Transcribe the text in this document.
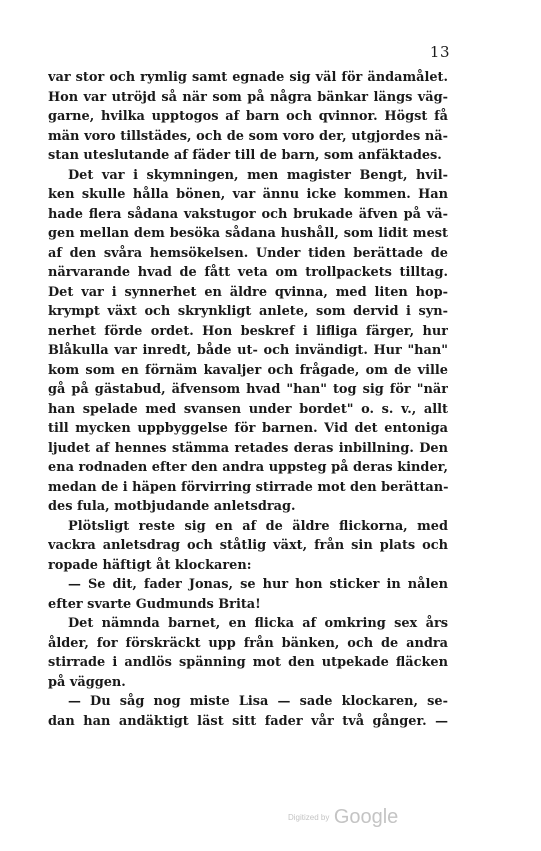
13
var stor och rymlig samt egnade sig väl för ändamålet.
Hon var utröjd så när som på några bänkar längs väg-
garne, hvilka upptogos af barn och qvinnor. Högst få
män voro tillstädes, och de som voro der, utgjordes nä-
stan uteslutande af fäder till de barn, som anfäktades.
Det var i skymningen, men magister Bengt, hvil-
ken skulle hålla bönen, var ännu icke kommen. Han
hade flera sådana vakstugor och brukade äfven på vä-
gen mellan dem besöka sådana hushåll, som lidit mest
af den svåra hemsökelsen. Under tiden berättade de
närvarande hvad de fått veta om trollpackets tilltag.
Det var i synnerhet en äldre qvinna, med liten hop-
krympt växt och skrynkligt anlete, som dervid i syn-
nerhet förde ordet. Hon beskref i lifliga färger, hur
Blåkulla var inredt, både ut- och invändigt. Hur "han"
kom som en förnäm kavaljer och frågade, om de ville
gå på gästabud, äfvensom hvad "han" tog sig för "när
han spelade med svansen under bordet" o. s. v., allt
till mycken uppbyggelse för barnen. Vid det entoniga
ljudet af hennes stämma retades deras inbillning. Den
ena rodnaden efter den andra uppsteg på deras kinder,
medan de i häpen förvirring stirrade mot den berättan-
des fula, motbjudande anletsdrag.
Plötsligt reste sig en af de äldre flickorna, med
vackra anletsdrag och ståtlig växt, från sin plats och
ropade häftigt åt klockaren:
— Se dit, fader Jonas, se hur hon sticker in nålen
efter svarte Gudmunds Brita!
Det nämnda barnet, en flicka af omkring sex års
ålder, for förskräckt upp från bänken, och de andra
stirrade i andlös spänning mot den utpekade fläcken
på väggen.
— Du såg nog miste Lisa — sade klockaren, se-
dan han andäktigt läst sitt fader vår två gånger. —
Digitized by Google
